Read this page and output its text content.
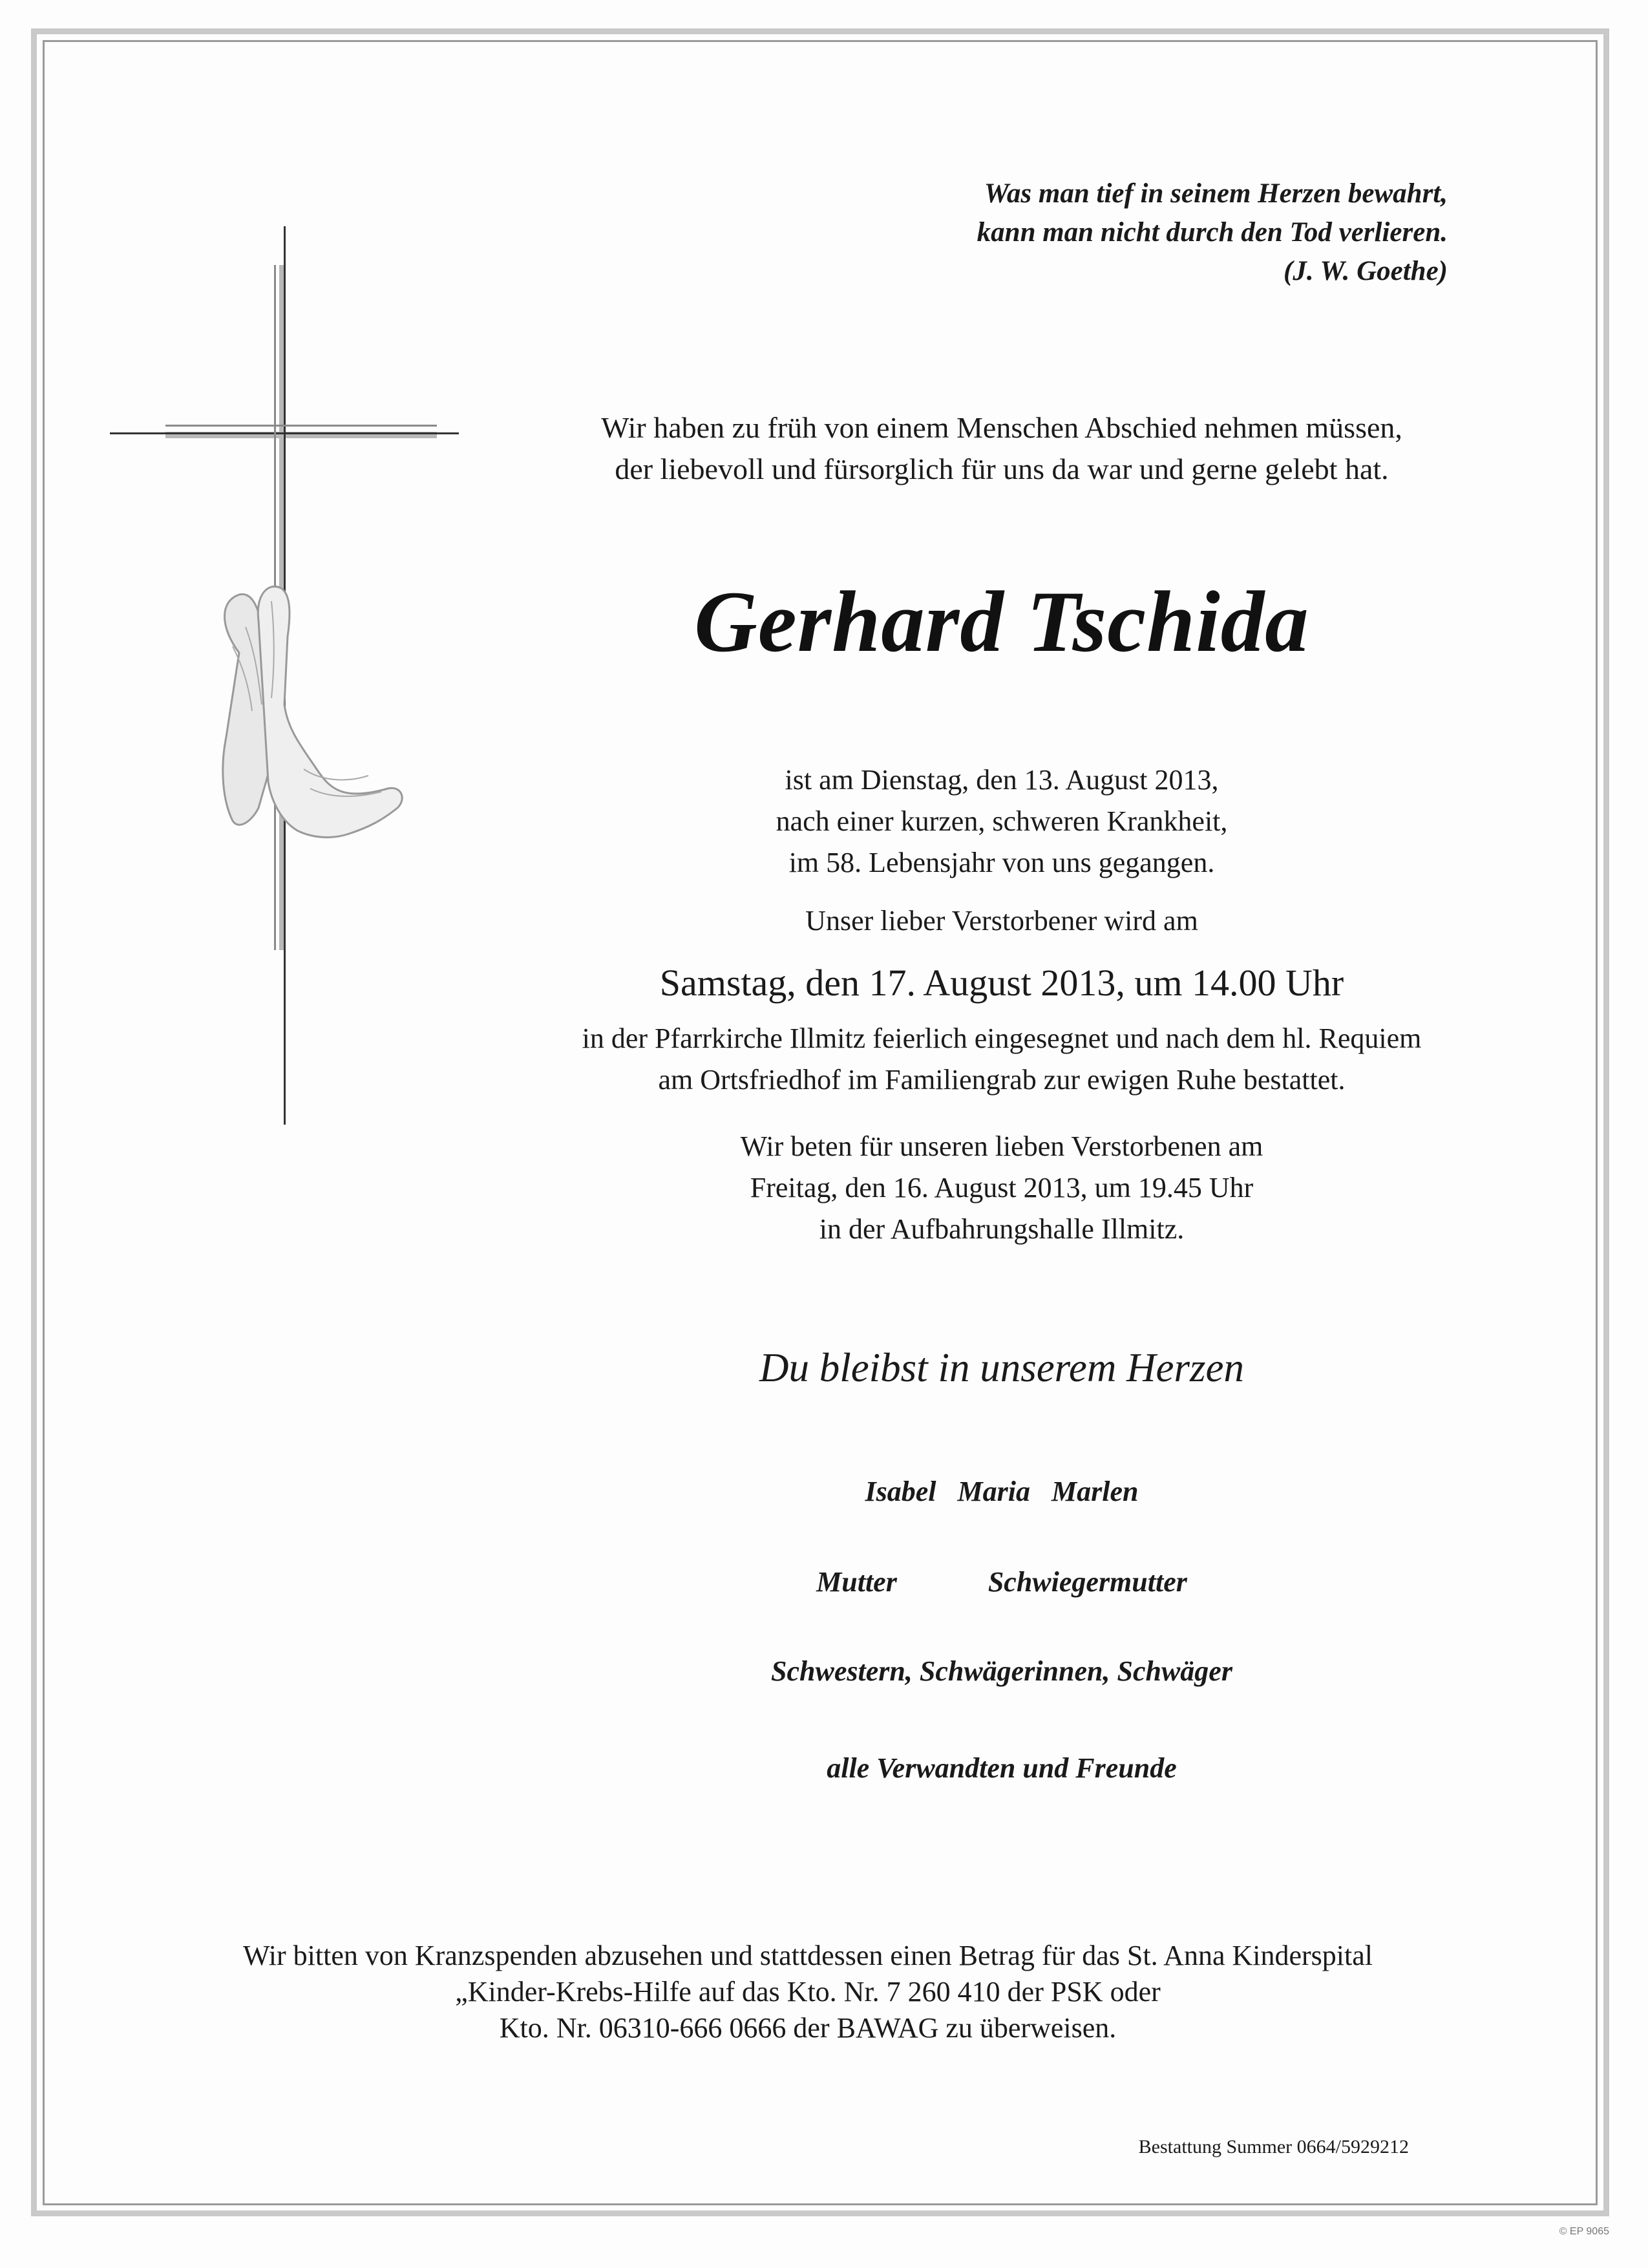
Was man tief in seinem Herzen bewahrt,
kann man nicht durch den Tod verlieren.
(J. W. Goethe)
Wir haben zu früh von einem Menschen Abschied nehmen müssen,
der liebevoll und fürsorglich für uns da war und gerne gelebt hat.
Gerhard Tschida
ist am Dienstag, den 13. August 2013,
nach einer kurzen, schweren Krankheit,
im 58. Lebensjahr von uns gegangen.
Unser lieber Verstorbener wird am
Samstag, den 17. August 2013, um 14.00 Uhr
in der Pfarrkirche Illmitz feierlich eingesegnet und nach dem hl. Requiem
am Ortsfriedhof im Familiengrab zur ewigen Ruhe bestattet.
Wir beten für unseren lieben Verstorbenen am
Freitag, den 16. August 2013, um 19.45 Uhr
in der Aufbahrungshalle Illmitz.
Du bleibst in unserem Herzen
Isabel Maria Marlen
Mutter Schwiegermutter
Schwestern, Schwägerinnen, Schwäger
alle Verwandten und Freunde
Wir bitten von Kranzspenden abzusehen und stattdessen einen Betrag für das St. Anna Kinderspital
„Kinder-Krebs-Hilfe auf das Kto. Nr. 7 260 410 der PSK oder
Kto. Nr. 06310-666 0666 der BAWAG zu überweisen.
Bestattung Summer 0664/5929212
© EP 9065
